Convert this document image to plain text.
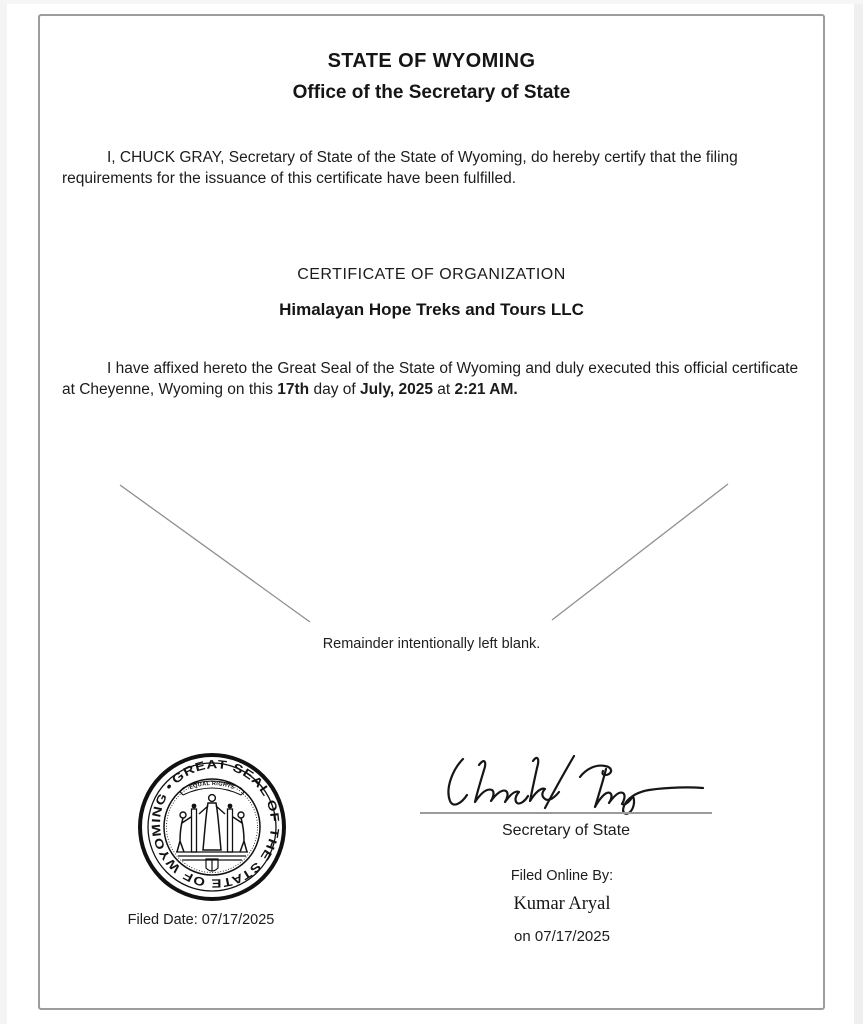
STATE OF WYOMING
Office of the Secretary of State

I, CHUCK GRAY, Secretary of State of the State of Wyoming, do hereby certify that the filing requirements for the issuance of this certificate have been fulfilled.

CERTIFICATE OF ORGANIZATION
Himalayan Hope Treks and Tours LLC

I have affixed hereto the Great Seal of the State of Wyoming and duly executed this official certificate at Cheyenne, Wyoming on this 17th day of July, 2025 at 2:21 AM.

Remainder intentionally left blank.
GREAT SEAL OF THE STATE OF WYOMING •	EQUAL RIGHTS
Filed Date: 07/17/2025
Secretary of State
Filed Online By:
Kumar Aryal
on 07/17/2025
